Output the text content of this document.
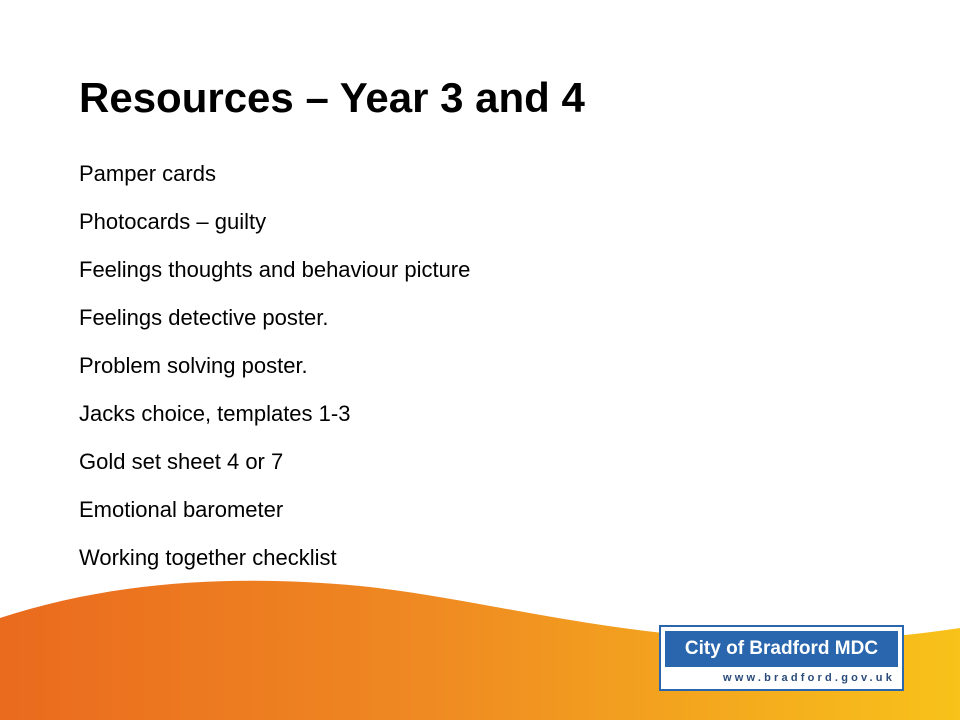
Resources – Year 3 and 4
Pamper cards
Photocards – guilty
Feelings thoughts and behaviour picture
Feelings detective poster.
Problem solving poster.
Jacks choice, templates 1-3
Gold set sheet 4 or 7
Emotional barometer
Working together checklist
City of Bradford MDC
www.bradford.gov.uk
